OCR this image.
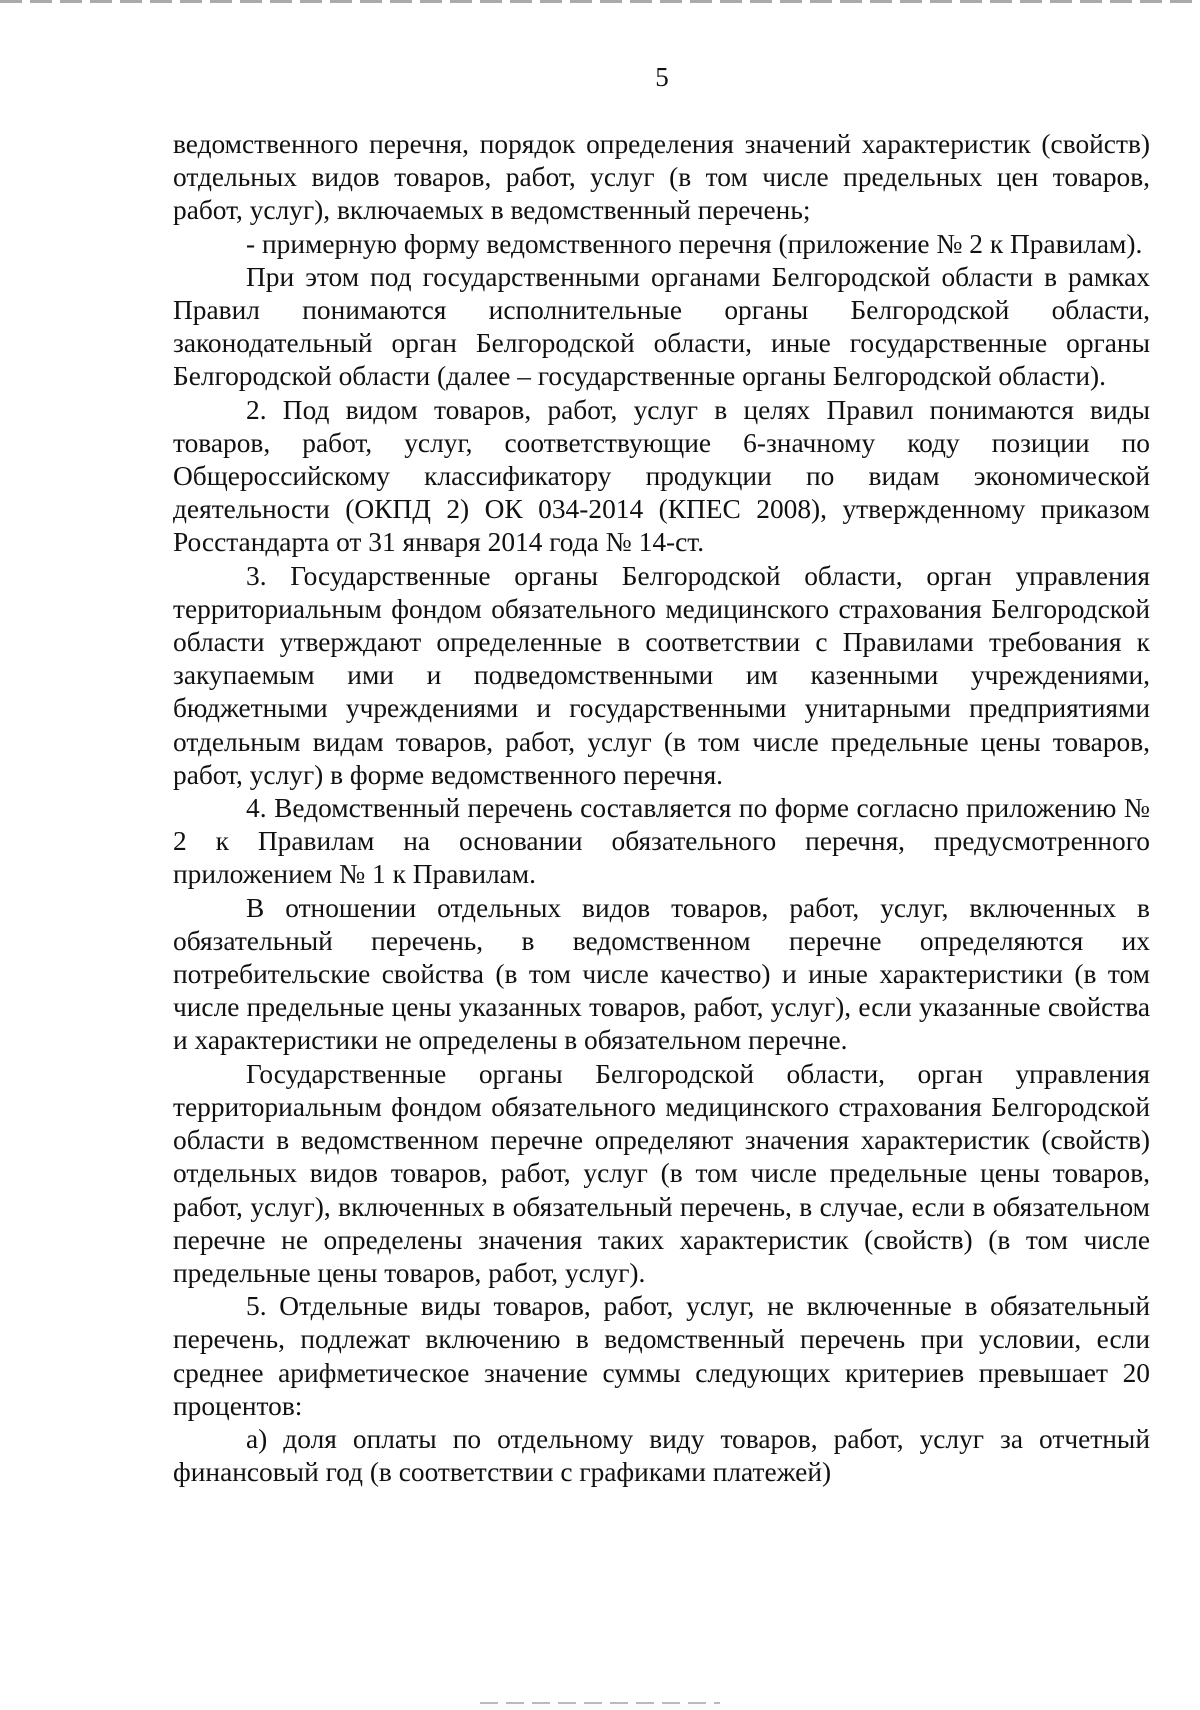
5

ведомственного перечня, порядок определения значений характеристик (свойств) отдельных видов товаров, работ, услуг (в том числе предельных цен товаров, работ, услуг), включаемых в ведомственный перечень;

- примерную форму ведомственного перечня (приложение № 2 к Правилам).

При этом под государственными органами Белгородской области в рамках Правил понимаются исполнительные органы Белгородской области, законодательный орган Белгородской области, иные государственные органы Белгородской области (далее – государственные органы Белгородской области).

2. Под видом товаров, работ, услуг в целях Правил понимаются виды товаров, работ, услуг, соответствующие 6-значному коду позиции по Общероссийскому классификатору продукции по видам экономической деятельности (ОКПД 2) ОК 034-2014 (КПЕС 2008), утвержденному приказом Росстандарта от 31 января 2014 года № 14-ст.

3. Государственные органы Белгородской области, орган управления территориальным фондом обязательного медицинского страхования Белгородской области утверждают определенные в соответствии с Правилами требования к закупаемым ими и подведомственными им казенными учреждениями, бюджетными учреждениями и государственными унитарными предприятиями отдельным видам товаров, работ, услуг (в том числе предельные цены товаров, работ, услуг) в форме ведомственного перечня.

4. Ведомственный перечень составляется по форме согласно приложению № 2 к Правилам на основании обязательного перечня, предусмотренного приложением № 1 к Правилам.

В отношении отдельных видов товаров, работ, услуг, включенных в обязательный перечень, в ведомственном перечне определяются их потребительские свойства (в том числе качество) и иные характеристики (в том числе предельные цены указанных товаров, работ, услуг), если указанные свойства и характеристики не определены в обязательном перечне.

Государственные органы Белгородской области, орган управления территориальным фондом обязательного медицинского страхования Белгородской области в ведомственном перечне определяют значения характеристик (свойств) отдельных видов товаров, работ, услуг (в том числе предельные цены товаров, работ, услуг), включенных в обязательный перечень, в случае, если в обязательном перечне не определены значения таких характеристик (свойств) (в том числе предельные цены товаров, работ, услуг).

5. Отдельные виды товаров, работ, услуг, не включенные в обязательный перечень, подлежат включению в ведомственный перечень при условии, если среднее арифметическое значение суммы следующих критериев превышает 20 процентов:

а) доля оплаты по отдельному виду товаров, работ, услуг за отчетный финансовый год (в соответствии с графиками платежей)
